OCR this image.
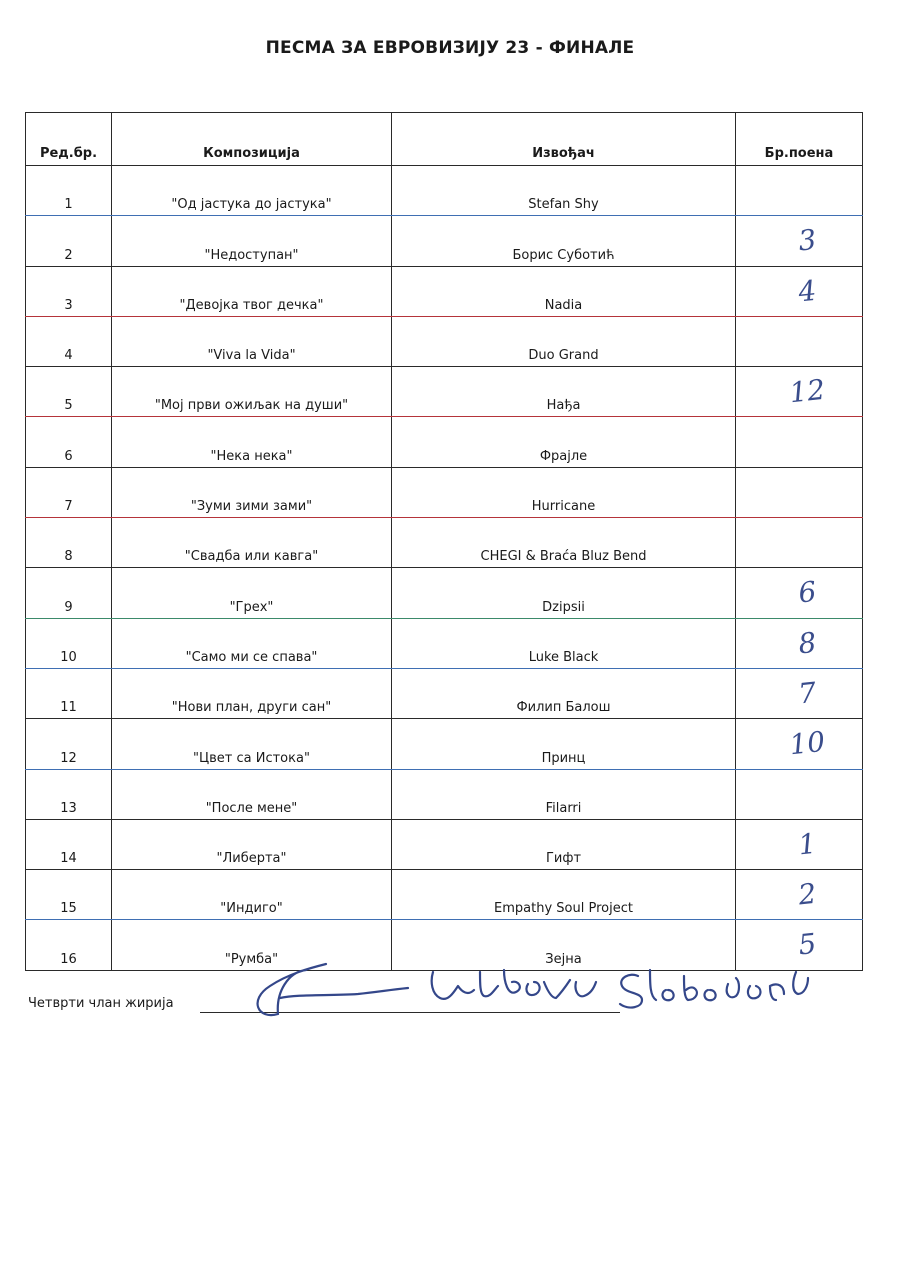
ПЕСМА ЗА ЕВРОВИЗИЈУ 23 - ФИНАЛЕ
Ред.бр.	Композиција	Извођач	Бр.поена
1	"Од јастука до јастука"	Stefan Shy	
2	"Недоступан"	Борис Суботић	3

3	"Девојка твог дечка"	Nadia	4

4	"Viva la Vida"	Duo Grand	
5	"Мој први ожиљак на души"	Нађа	12

6	"Нека нека"	Фрајле	
7	"Зуми зими зами"	Hurricane	
8	"Свадба или кавга"	CHEGI & Braća Bluz Bend	
9	"Грех"	Dzipsii	6

10	"Само ми се спава"	Luke Black	8

11	"Нови план, други сан"	Филип Балош	7

12	"Цвет са Истока"	Принц	10

13	"После мене"	Filarri	
14	"Либерта"	Гифт	1

15	"Индиго"	Empathy Soul Project	2

16	"Румба"	Зејна	5
Четврти члан жирија
